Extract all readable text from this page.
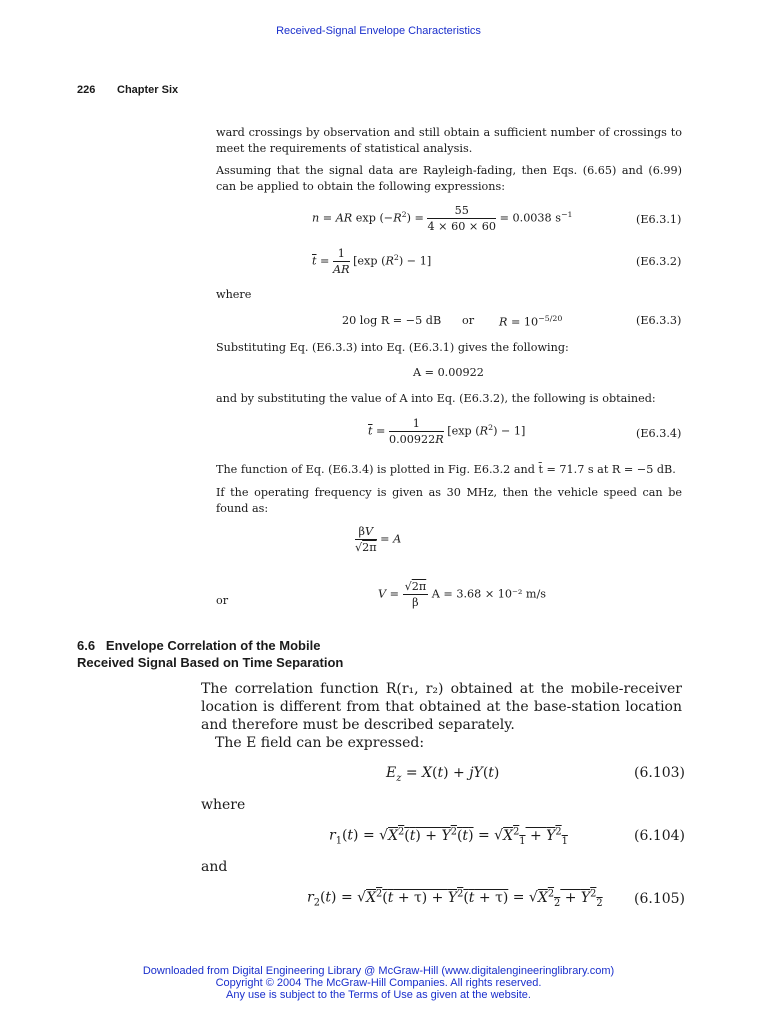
Received-Signal Envelope Characteristics
226 Chapter Six
ward crossings by observation and still obtain a sufficient number of crossings to meet the requirements of statistical analysis.
Assuming that the signal data are Rayleigh-fading, then Eqs. (6.65) and (6.99) can be applied to obtain the following expressions:
n = AR $\exp (-R^2) = \frac{55}{4 \times 60 \times 60} = 0.0038$ $s^{-1}$	(E6.3.1)
$\overline{t} = \frac{1}{AR} [\exp$ $(R^2) - 1$]	(E6.3.2)
where
20 log R = −5 dB or $R = 10^{-5/20}$	(E6.3.3)
Substituting Eq. (E6.3.3) into Eq. (E6.3.1) gives the following:
A = 0.00922
and by substituting the value of A into Eq. (E6.3.2), the following is obtained:
$\overline{t} = \frac{1}{0.00922R} [\exp$ $(R^2) - 1$]	(E6.3.4)
The function of Eq. (E6.3.4) is plotted in Fig. E6.3.2 and t̄ = 71.7 s at R = −5 dB.
If the operating frequency is given as 30 MHz, then the vehicle speed can be found as:
$\frac{\beta V}{√2\pi} = A$
or	$V = \frac{√2\pi}{\beta}$ A = 3.68 × 10⁻² m/s
6.6 Envelope Correlation of the Mobile
Received Signal Based on Time Separation
The correlation function R(r₁, r₂) obtained at the mobile-receiver location is different from that obtained at the base-station location and therefore must be described separately.
The E field can be expressed:
$E_z = X(t) + jY(t)$	(6.103)
where
$r_1(t) = √X^2(t) + Y^2(t) = √X^2_1 + Y^2_1$	(6.104)
and
$r_2(t) = √X^2(t + \tau) + Y^2(t + \tau) = √X^2_2 + Y^2_2$ (6.105)
Downloaded from Digital Engineering Library @ McGraw-Hill (www.digitalengineeringlibrary.com)
Copyright © 2004 The McGraw-Hill Companies. All rights reserved.
Any use is subject to the Terms of Use as given at the website.
